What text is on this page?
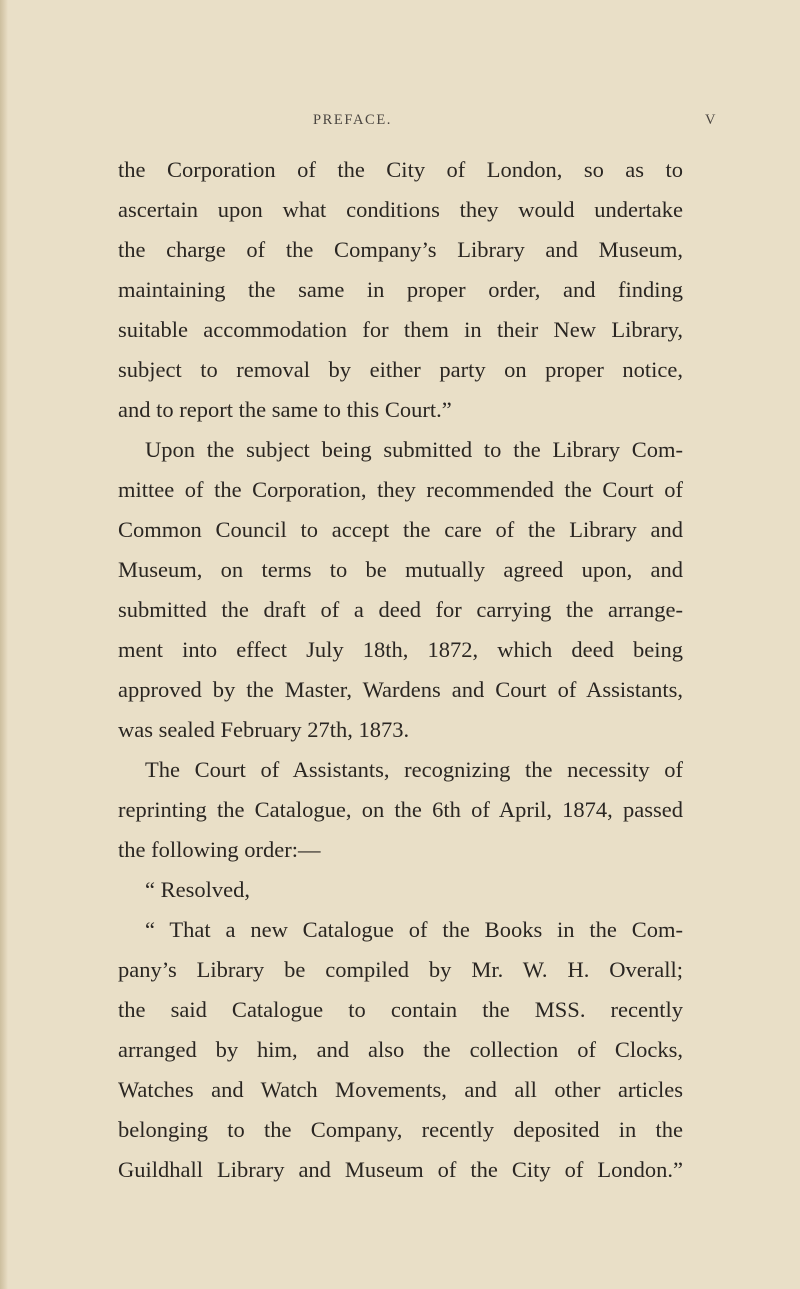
PREFACE.	V
the Corporation of the City of London, so as to
ascertain upon what conditions they would undertake
the charge of the Company’s Library and Museum,
maintaining the same in proper order, and finding
suitable accommodation for them in their New Library,
subject to removal by either party on proper notice,
and to report the same to this Court.”
Upon the subject being submitted to the Library Com-
mittee of the Corporation, they recommended the Court of
Common Council to accept the care of the Library and
Museum, on terms to be mutually agreed upon, and
submitted the draft of a deed for carrying the arrange-
ment into effect July 18th, 1872, which deed being
approved by the Master, Wardens and Court of Assistants,
was sealed February 27th, 1873.
The Court of Assistants, recognizing the necessity of
reprinting the Catalogue, on the 6th of April, 1874, passed
the following order:—
“ Resolved,
“ That a new Catalogue of the Books in the Com-
pany’s Library be compiled by Mr. W. H. Overall;
the said Catalogue to contain the MSS. recently
arranged by him, and also the collection of Clocks,
Watches and Watch Movements, and all other articles
belonging to the Company, recently deposited in the
Guildhall Library and Museum of the City of London.”
